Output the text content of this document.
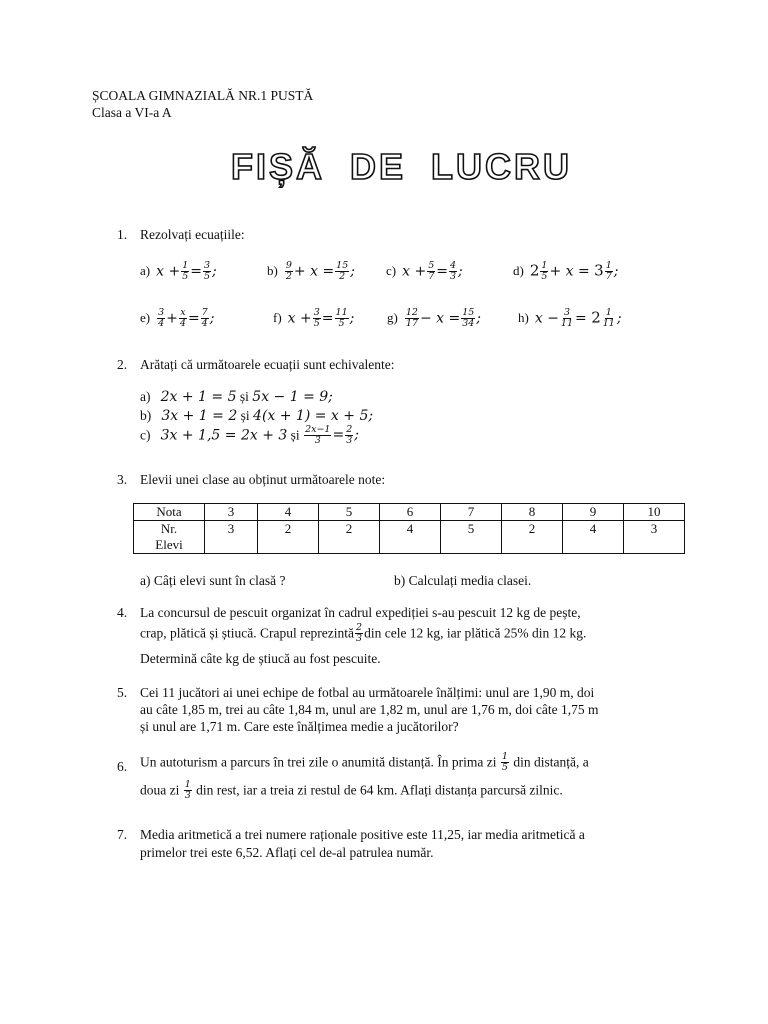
ȘCOALA GIMNAZIALĂ NR.1 PUSTĂ
Clasa a VI-a A
FIȘĂ DE LUCRU
1. Rezolvați ecuațiile:
a) $x + \frac{1}{5} = \frac{3}{5}$ ;	$b) \frac{9}{2} + x = \frac{15}{2}$ ; c) $x + \frac{5}{7} = \frac{4}{3}$ ;	d) $2 \frac{1}{5} + x = 3 \frac{1}{7}$ ;
$e) \frac{3}{4} + \frac{x}{4} = \frac{7}{4}$ ;	f) $x + \frac{3}{5} = \frac{11}{5}$ ;	$g) \frac{12}{17} - x = \frac{15}{34}$ ;	h) $x - \frac{3}{11} = 2 \frac{1}{11}$ ;
2. Arătați că următoarele ecuații sunt echivalente:
a) 2x + 1 = 5 și 5x − 1 = 9;
b) 3x + 1 = 2 și 4(x + 1) = x + 5;
c) 3x + 1,5 = 2x + 3 și $\frac{2x-1}{3} = \frac{2}{3}$ ;
3. Elevii unei clase au obținut următoarele note:
Nota	3	4	5	6	7	8	9	10

Nr.
Elevi	3	2	2	4	5	2	4	3
a) Câți elevi sunt în clasă ?	b) Calculați media clasei.
4. La concursul de pescuit organizat în cadrul expediției s-au pescuit 12 kg de pește,
crap, plătică și știucă. Crapul reprezintă $\frac{2}{3}$ din cele 12 kg, iar plătică 25% din 12 kg.
Determină câte kg de știucă au fost pescuite.
5. Cei 11 jucători ai unei echipe de fotbal au următoarele înălțimi: unul are 1,90 m, doi
au câte 1,85 m, trei au câte 1,84 m, unul are 1,82 m, unul are 1,76 m, doi câte 1,75 m
și unul are 1,71 m. Care este înălțimea medie a jucătorilor?
6. Un autoturism a parcurs în trei zile o anumită distanță. În prima zi $\frac{1}{5}$ din distanță, a
doua zi $\frac{1}{3}$ din rest, iar a treia zi restul de 64 km. Aflați distanța parcursă zilnic.
7. Media aritmetică a trei numere raționale positive este 11,25, iar media aritmetică a
primelor trei este 6,52. Aflați cel de-al patrulea număr.
